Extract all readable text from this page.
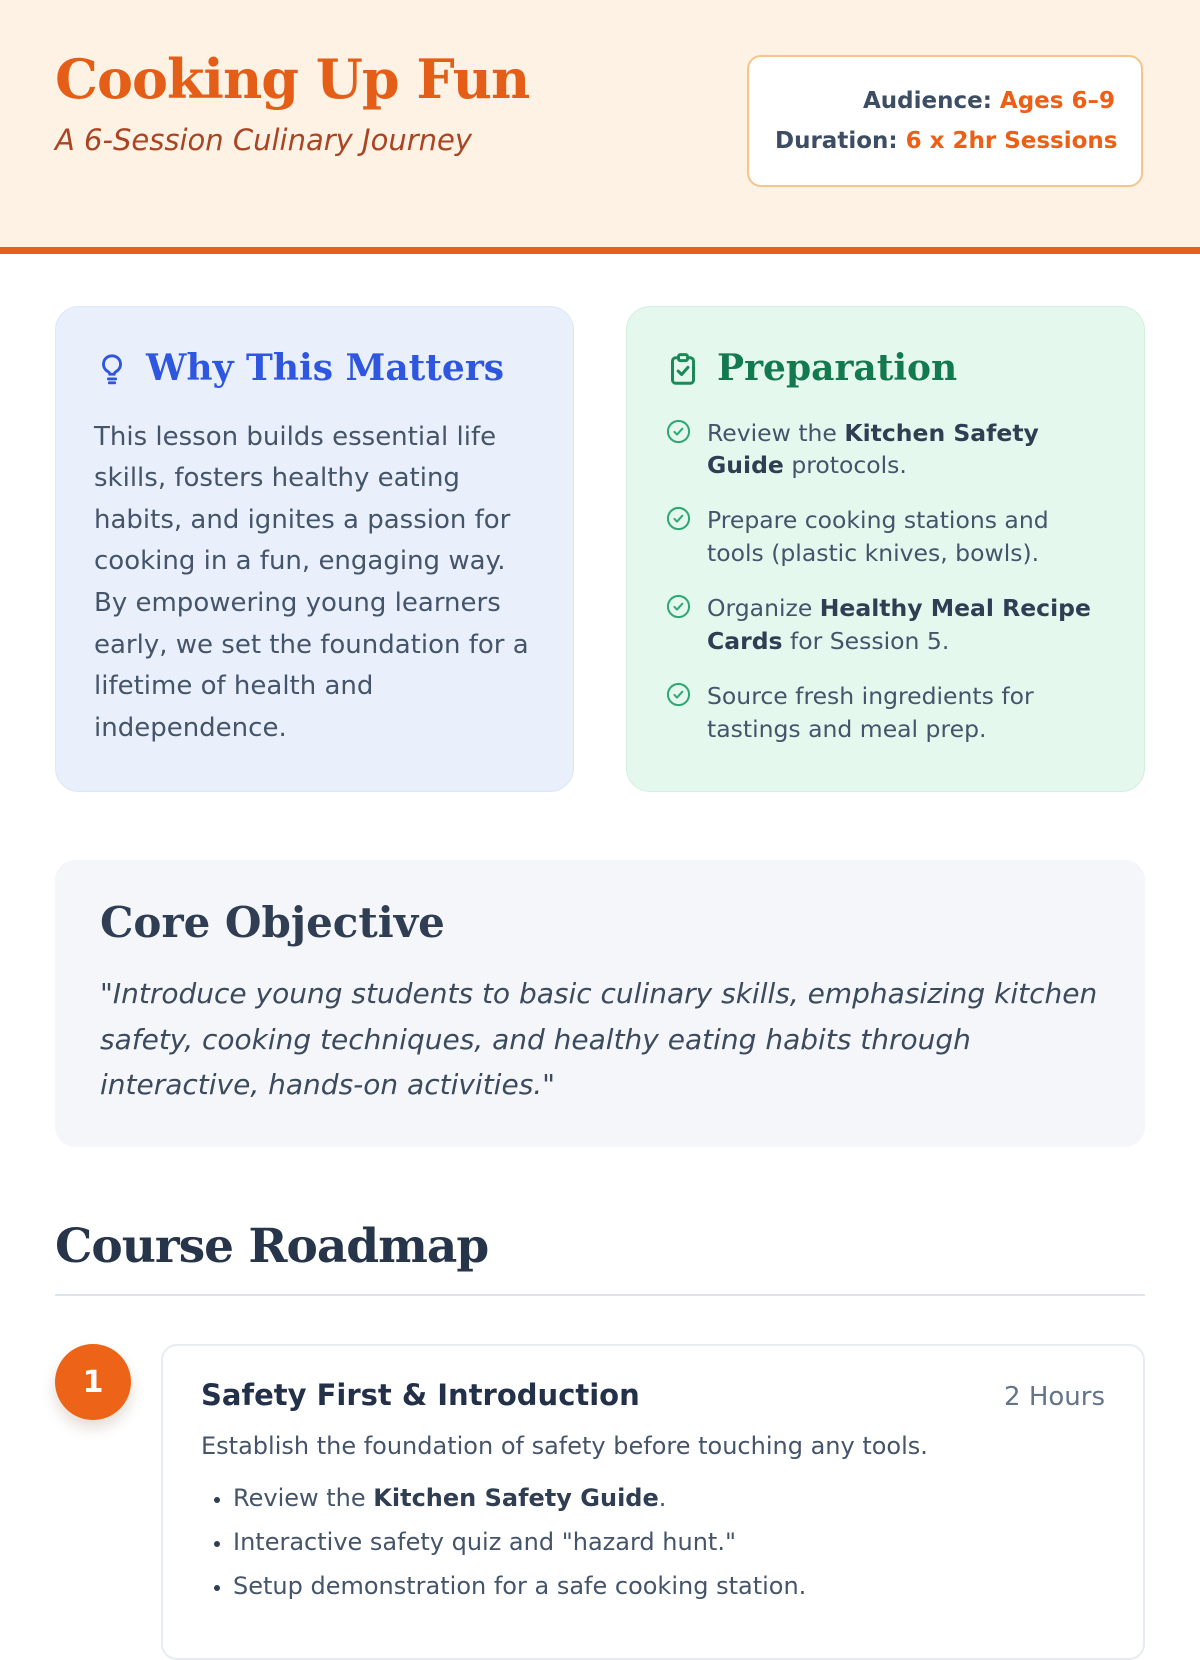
Cooking Up Fun
A 6-Session Culinary Journey
Audience: Ages 6–9
Duration: 6 x 2hr Sessions
Why This Matters

This lesson builds essential life skills, fosters healthy eating habits, and ignites a passion for cooking in a fun, engaging way. By empowering young learners early, we set the foundation for a lifetime of health and independence.

Preparation
Review the Kitchen Safety Guide protocols.
Prepare cooking stations and tools (plastic knives, bowls).
Organize Healthy Meal Recipe Cards for Session 5.
Source fresh ingredients for tastings and meal prep.
Core Objective

"Introduce young students to basic culinary skills, emphasizing kitchen safety, cooking techniques, and healthy eating habits through interactive, hands-on activities."

Course Roadmap
1	Safety First & Introduction	2 Hours
Establish the foundation of safety before touching any tools.
• Review the Kitchen Safety Guide.
• Interactive safety quiz and "hazard hunt."
• Setup demonstration for a safe cooking station.
